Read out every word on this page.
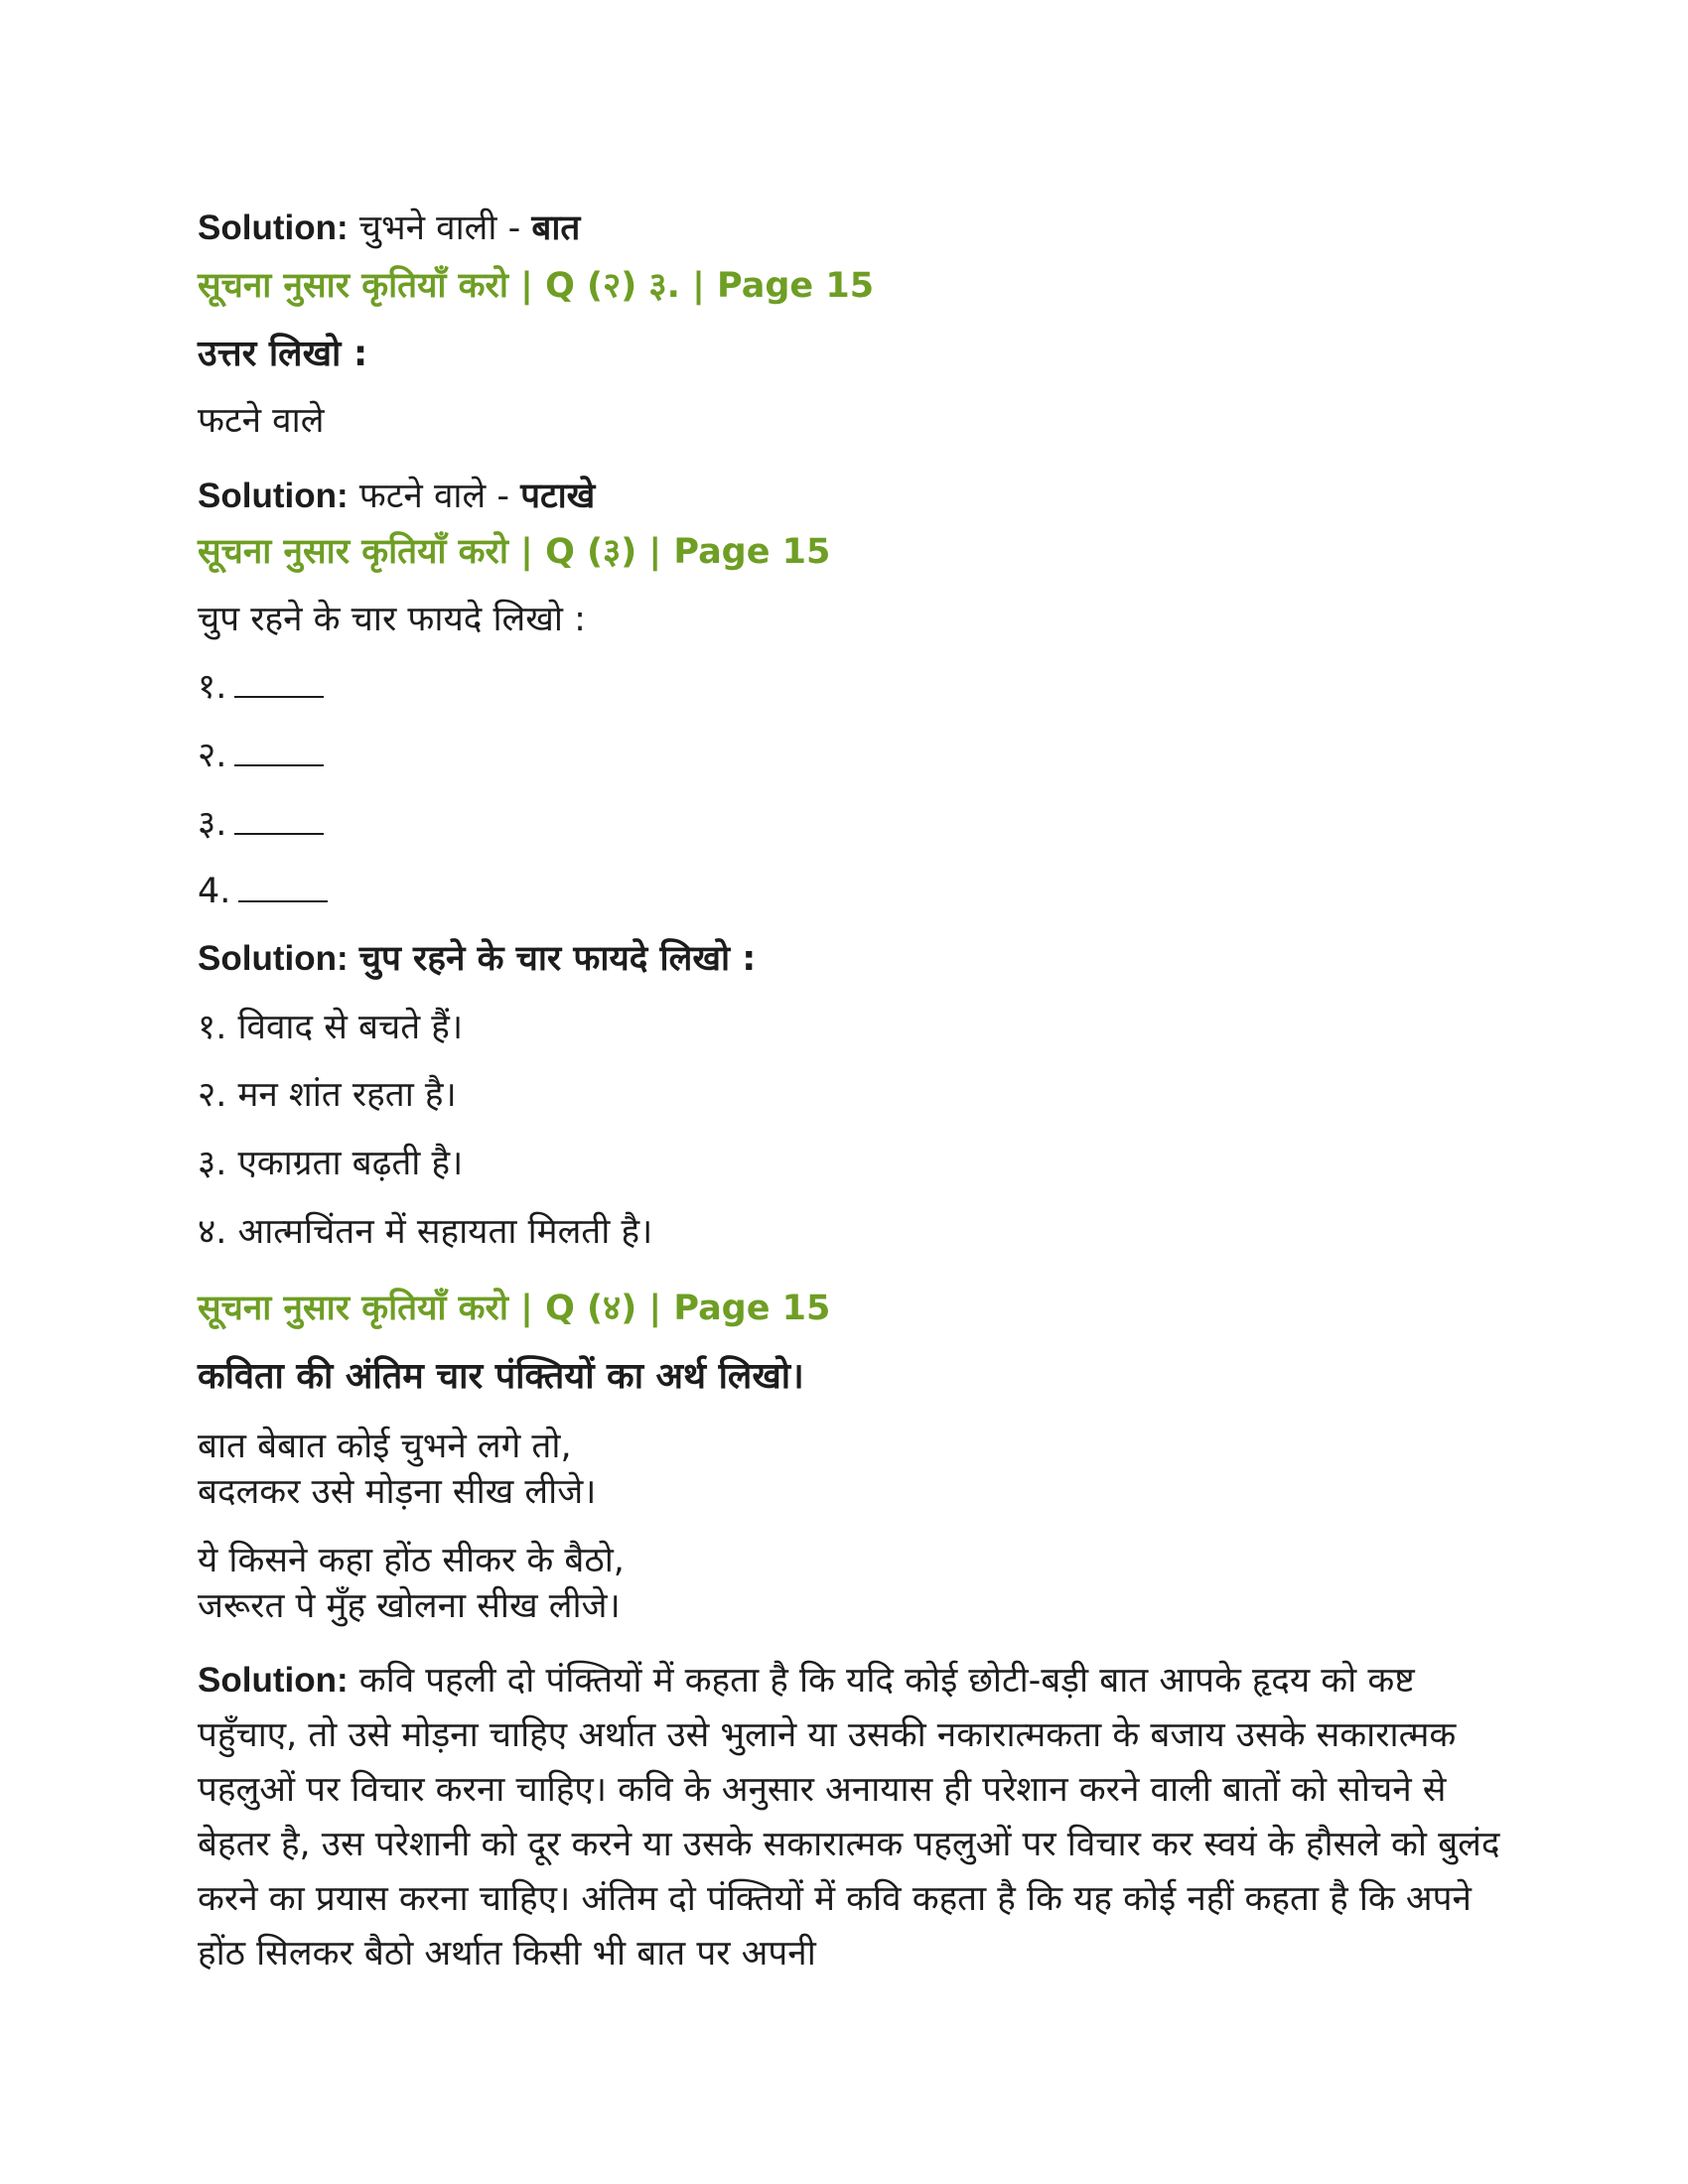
Solution: चुभने वाली - बात

सूचना नुसार कृतियाँ करो | Q (२) ३. | Page 15

उत्तर लिखो :

फटने वाले

Solution: फटने वाले - पटाखे

सूचना नुसार कृतियाँ करो | Q (३) | Page 15

चुप रहने के चार फायदे लिखो :

१.

२.

३.

4.

Solution: चुप रहने के चार फायदे लिखो :

१. विवाद से बचते हैं।

२. मन शांत रहता है।

३. एकाग्रता बढ़ती है।

४. आत्मचिंतन में सहायता मिलती है।

सूचना नुसार कृतियाँ करो | Q (४) | Page 15

कविता की अंतिम चार पंक्तियों का अर्थ लिखो।

बात बेबात कोई चुभने लगे तो,

बदलकर उसे मोड़ना सीख लीजे।

ये किसने कहा होंठ सीकर के बैठो,

जरूरत पे मुँह खोलना सीख लीजे।

Solution: कवि पहली दो पंक्तियों में कहता है कि यदि कोई छोटी-बड़ी बात आपके हृदय को कष्ट पहुँचाए, तो उसे मोड़ना चाहिए अर्थात उसे भुलाने या उसकी नकारात्मकता के बजाय उसके सकारात्मक पहलुओं पर विचार करना चाहिए। कवि के अनुसार अनायास ही परेशान करने वाली बातों को सोचने से बेहतर है, उस परेशानी को दूर करने या उसके सकारात्मक पहलुओं पर विचार कर स्वयं के हौसले को बुलंद करने का प्रयास करना चाहिए। अंतिम दो पंक्तियों में कवि कहता है कि यह कोई नहीं कहता है कि अपने होंठ सिलकर बैठो अर्थात किसी भी बात पर अपनी
